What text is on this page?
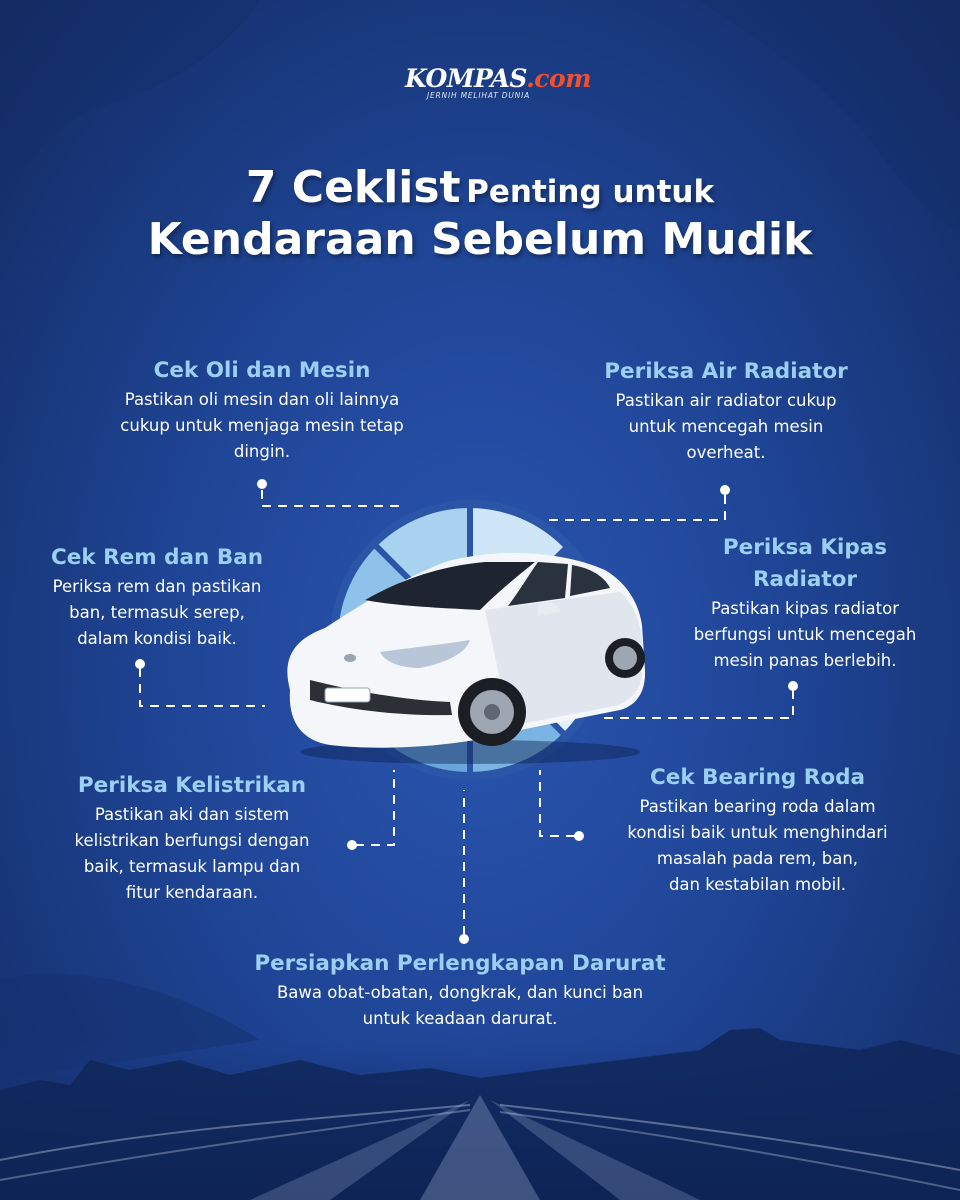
KOMPAS.com
JERNIH MELIHAT DUNIA
7 Ceklist Penting untuk
Kendaraan Sebelum Mudik
Cek Oli dan Mesin

Pastikan oli mesin dan oli lainnya

cukup untuk menjaga mesin tetap

dingin.

Periksa Air Radiator

Pastikan air radiator cukup

untuk mencegah mesin

overheat.

Cek Rem dan Ban

Periksa rem dan pastikan

ban, termasuk serep,

dalam kondisi baik.

Periksa Kipas
Radiator

Pastikan kipas radiator

berfungsi untuk mencegah

mesin panas berlebih.

Periksa Kelistrikan

Pastikan aki dan sistem

kelistrikan berfungsi dengan

baik, termasuk lampu dan

fitur kendaraan.

Cek Bearing Roda

Pastikan bearing roda dalam

kondisi baik untuk menghindari

masalah pada rem, ban,

dan kestabilan mobil.

Persiapkan Perlengkapan Darurat

Bawa obat-obatan, dongkrak, dan kunci ban

untuk keadaan darurat.
